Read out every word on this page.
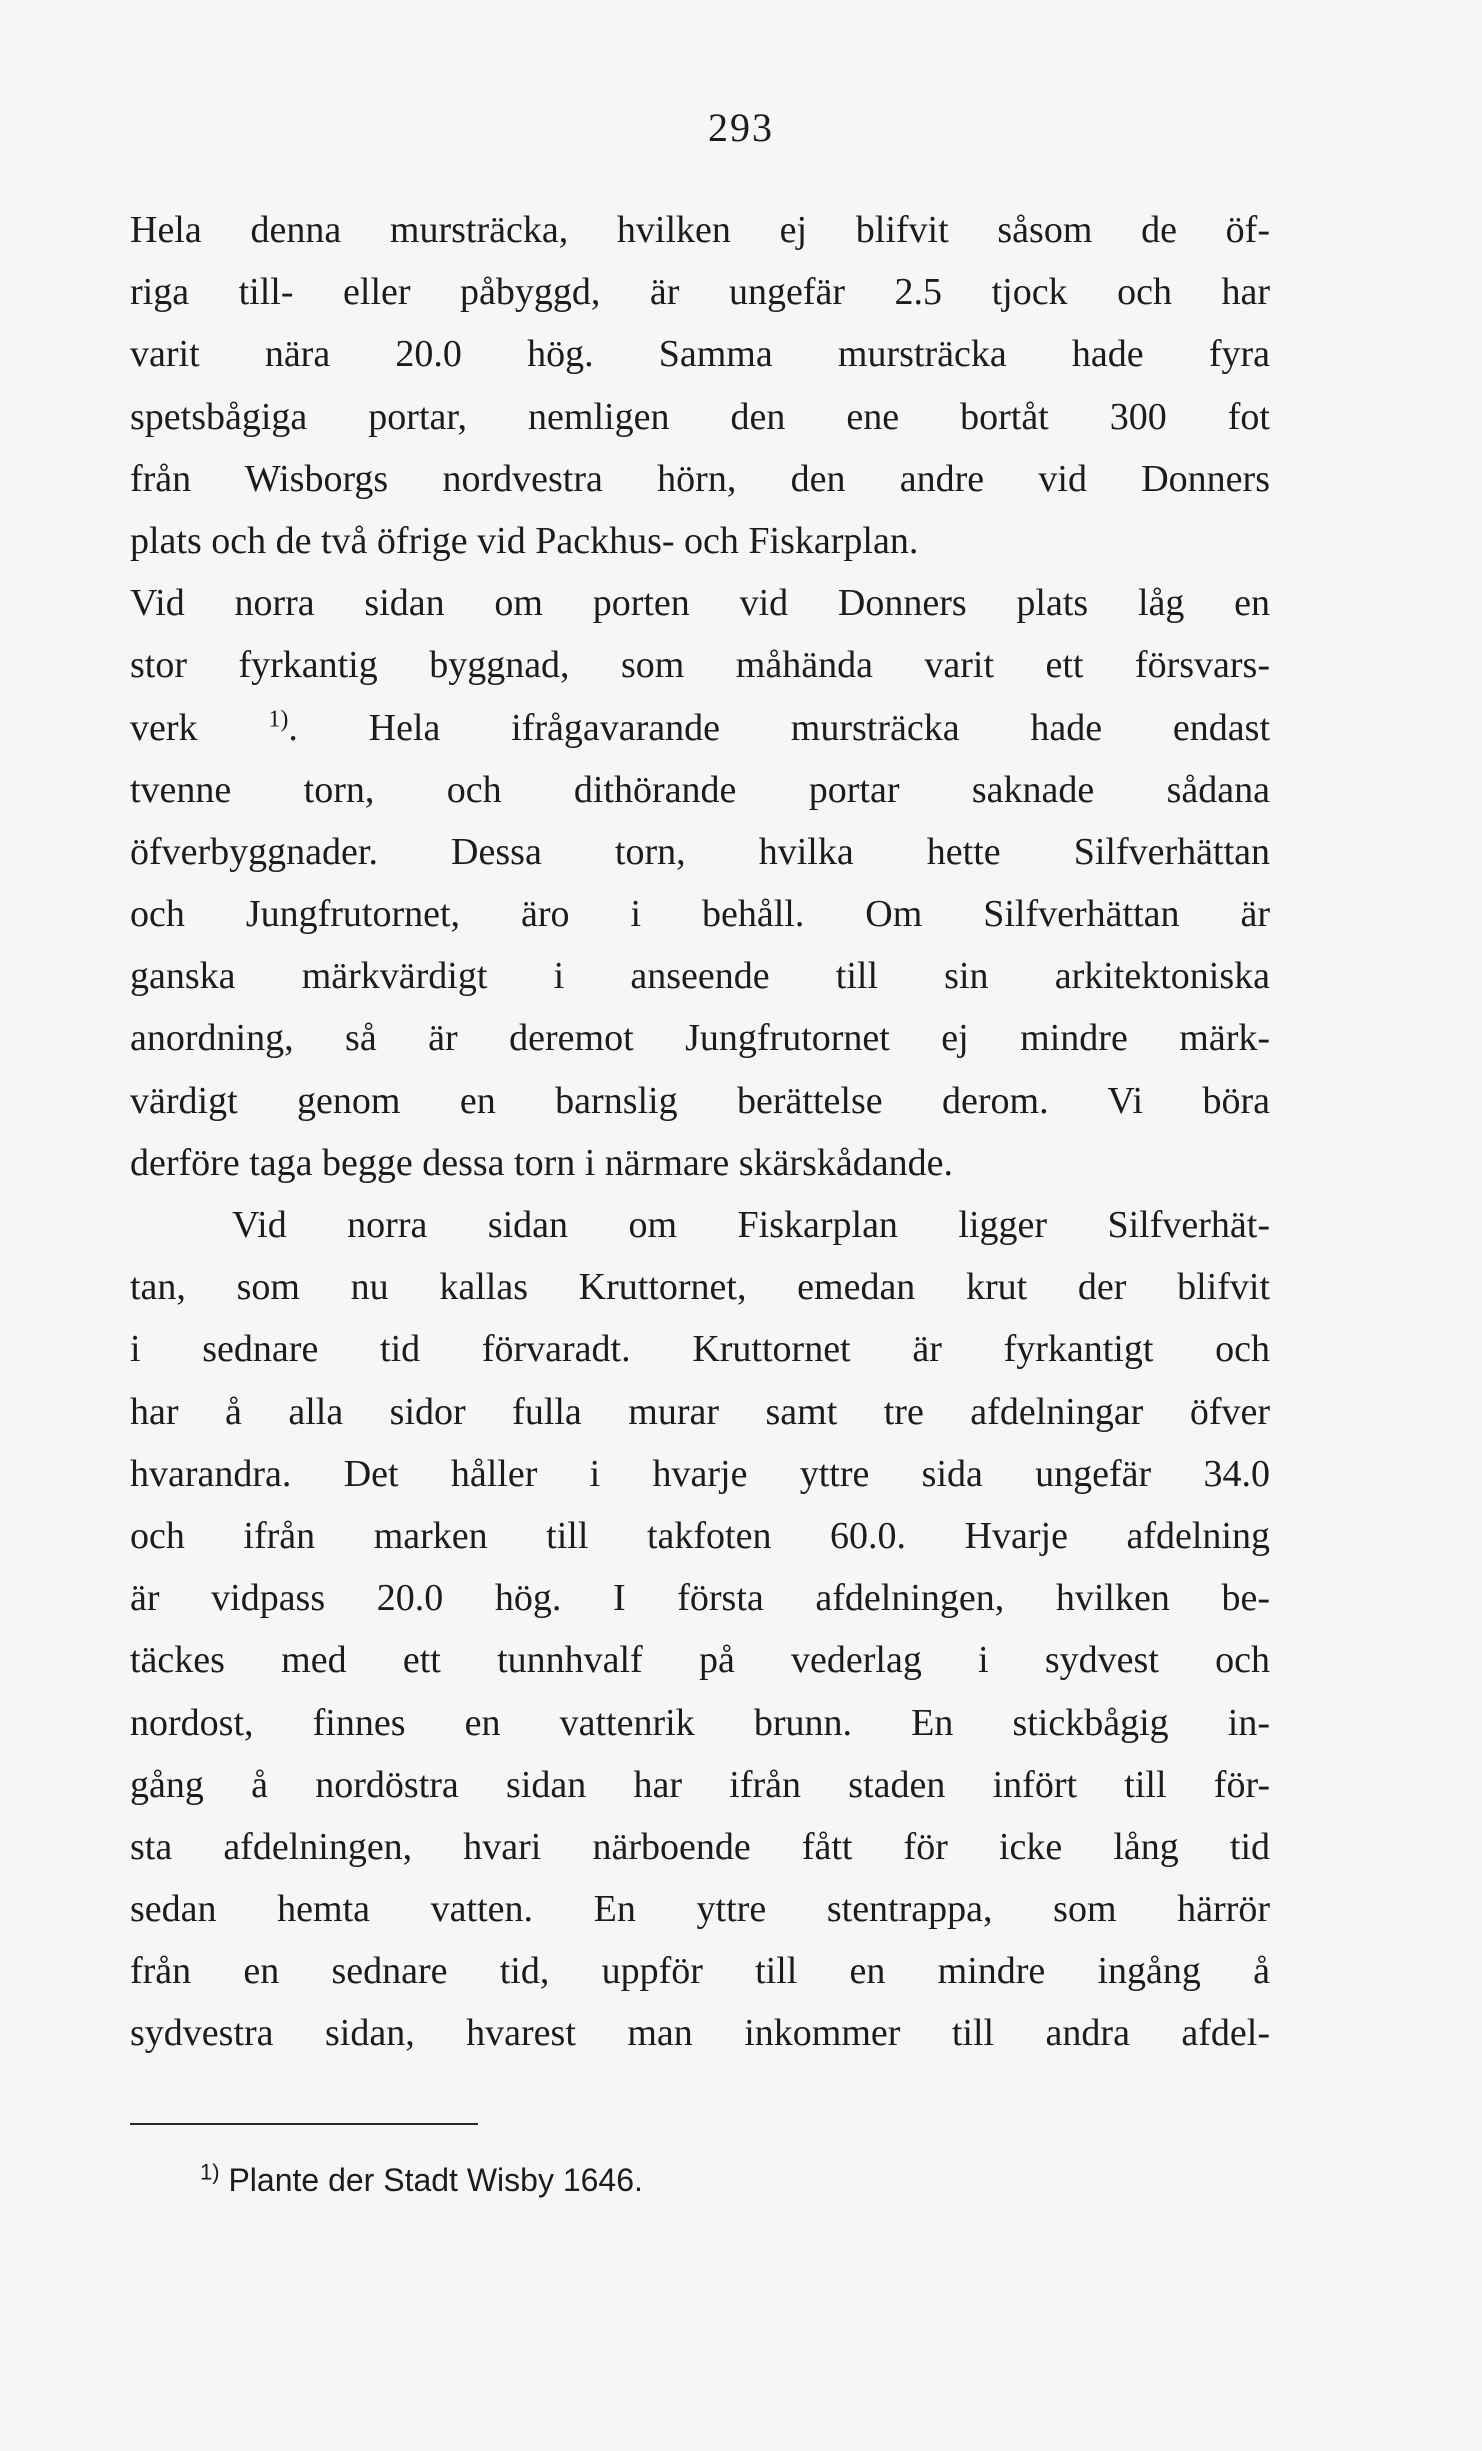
293
Hela denna mursträcka, hvilken ej blifvit såsom de öf-
riga till- eller påbyggd, är ungefär 2.5 tjock och har
varit nära 20.0 hög. Samma mursträcka hade fyra
spetsbågiga portar, nemligen den ene bortåt 300 fot
från Wisborgs nordvestra hörn, den andre vid Donners
plats och de två öfrige vid Packhus- och Fiskarplan.
Vid norra sidan om porten vid Donners plats låg en
stor fyrkantig byggnad, som måhända varit ett försvars-
verk	$^{1)}$. Hela ifrågavarande mursträcka hade endast
tvenne torn, och dithörande portar saknade sådana
öfverbyggnader. Dessa torn, hvilka hette Silfverhättan
och Jungfrutornet, äro i behåll. Om Silfverhättan är
ganska märkvärdigt i anseende till sin arkitektoniska
anordning, så är deremot Jungfrutornet ej mindre märk-
värdigt genom en barnslig berättelse derom. Vi böra
derföre taga begge dessa torn i närmare skärskådande.
Vid norra sidan om Fiskarplan ligger Silfverhät-
tan, som nu kallas Kruttornet, emedan krut der blifvit
i sednare tid förvaradt. Kruttornet är fyrkantigt och
har å alla sidor fulla murar samt tre afdelningar öfver
hvarandra. Det håller i hvarje yttre sida ungefär 34.0
och ifrån marken till takfoten 60.0. Hvarje afdelning
är vidpass 20.0 hög. I första afdelningen, hvilken be-
täckes med ett tunnhvalf på vederlag i sydvest och
nordost, finnes en vattenrik brunn. En stickbågig in-
gång å nordöstra sidan har ifrån staden infört till för-
sta afdelningen, hvari närboende fått för icke lång tid
sedan hemta vatten. En yttre stentrappa, som härrör
från en sednare tid, uppför till en mindre ingång å
sydvestra sidan, hvarest man inkommer till andra afdel-
$^{1)}$ Plante der Stadt Wisby 1646.
